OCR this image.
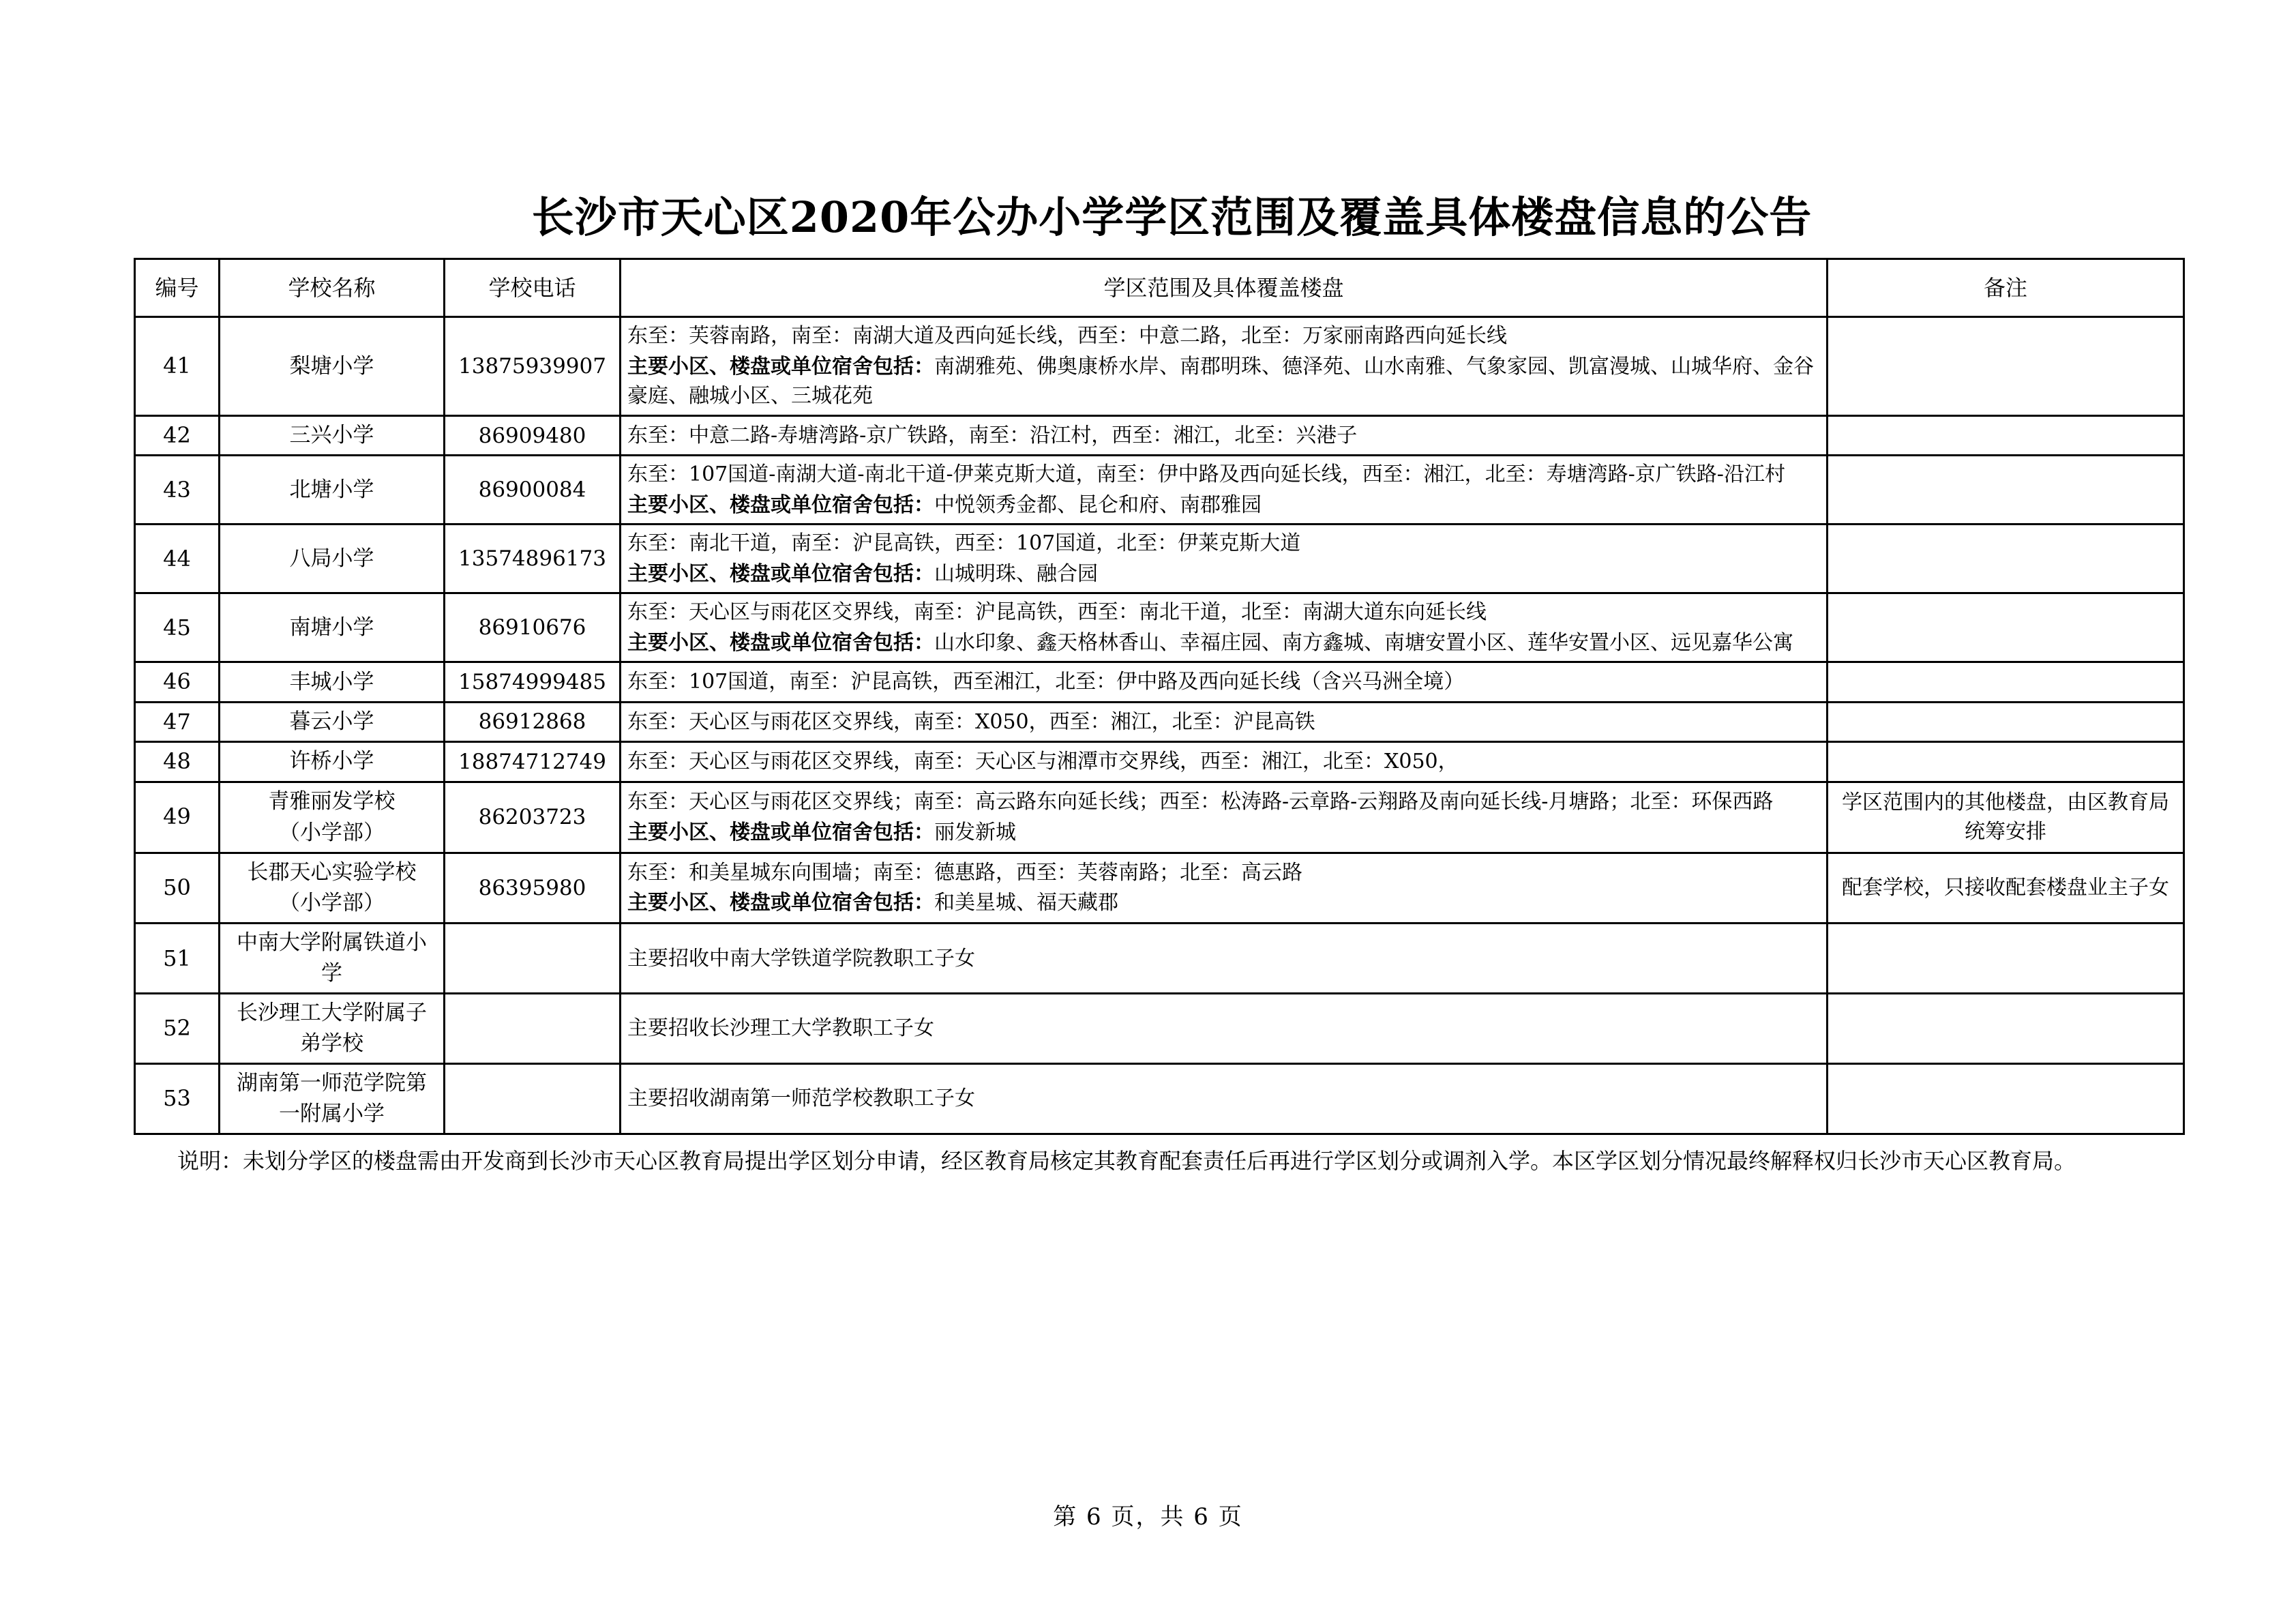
长沙市天心区2020年公办小学学区范围及覆盖具体楼盘信息的公告
编号	学校名称	学校电话	学区范围及具体覆盖楼盘	备注
41	梨塘小学	13875939907	东至：芙蓉南路，南至：南湖大道及西向延长线，西至：中意二路，北至：万家丽南路西向延长线
主要小区、楼盘或单位宿舍包括：南湖雅苑、佛奥康桥水岸、南郡明珠、德泽苑、山水南雅、气象家园、凯富漫城、山城华府、金谷豪庭、融城小区、三城花苑	

42	三兴小学	86909480	东至：中意二路-寿塘湾路-京广铁路，南至：沿江村，西至：湘江，北至：兴港子	

43	北塘小学	86900084	东至：107国道-南湖大道-南北干道-伊莱克斯大道，南至：伊中路及西向延长线，西至：湘江，北至：寿塘湾路-京广铁路-沿江村
主要小区、楼盘或单位宿舍包括：中悦领秀金都、昆仑和府、南郡雅园	

44	八局小学	13574896173	东至：南北干道，南至：沪昆高铁，西至：107国道，北至：伊莱克斯大道
主要小区、楼盘或单位宿舍包括：山城明珠、融合园	

45	南塘小学	86910676	东至：天心区与雨花区交界线，南至：沪昆高铁，西至：南北干道，北至：南湖大道东向延长线
主要小区、楼盘或单位宿舍包括：山水印象、鑫天格林香山、幸福庄园、南方鑫城、南塘安置小区、莲华安置小区、远见嘉华公寓	

46	丰城小学	15874999485	东至：107国道，南至：沪昆高铁，西至湘江，北至：伊中路及西向延长线（含兴马洲全境）	

47	暮云小学	86912868	东至：天心区与雨花区交界线，南至：X050，西至：湘江，北至：沪昆高铁	

48	许桥小学	18874712749	东至：天心区与雨花区交界线，南至：天心区与湘潭市交界线，西至：湘江，北至：X050，	

49	青雅丽发学校
（小学部）	86203723	东至：天心区与雨花区交界线；南至：高云路东向延长线；西至：松涛路-云章路-云翔路及南向延长线-月塘路；北至：环保西路
主要小区、楼盘或单位宿舍包括：丽发新城	学区范围内的其他楼盘，由区教育局统筹安排
50	长郡天心实验学校
（小学部）	86395980	东至：和美星城东向围墙；南至：德惠路，西至：芙蓉南路；北至：高云路
主要小区、楼盘或单位宿舍包括：和美星城、福天藏郡	配套学校，只接收配套楼盘业主子女
51	中南大学附属铁道小学		主要招收中南大学铁道学院教职工子女	

52	长沙理工大学附属子弟学校		主要招收长沙理工大学教职工子女	

53	湖南第一师范学院第一附属小学		主要招收湖南第一师范学校教职工子女	

说明：未划分学区的楼盘需由开发商到长沙市天心区教育局提出学区划分申请，经区教育局核定其教育配套责任后再进行学区划分或调剂入学。本区学区划分情况最终解释权归长沙市天心区教育局。
第 6 页，共 6 页
